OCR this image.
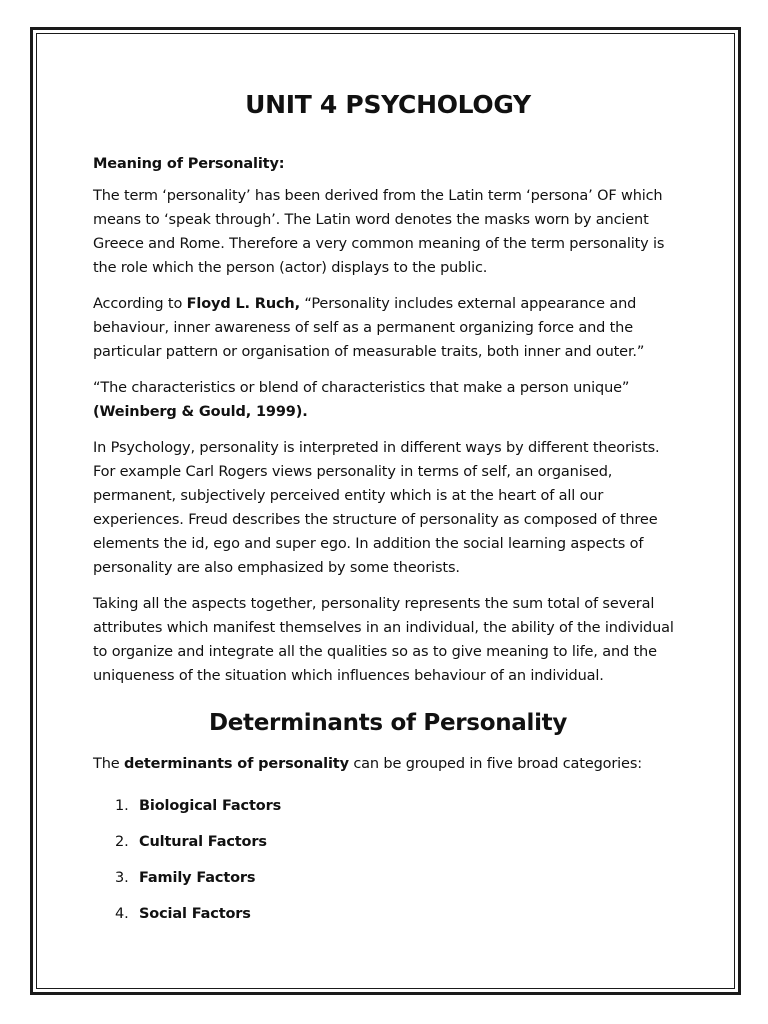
UNIT 4 PSYCHOLOGY

Meaning of Personality:

The term ‘personality’ has been derived from the Latin term ‘persona’ OF which means to ‘speak through’. The Latin word denotes the masks worn by ancient Greece and Rome. Therefore a very common meaning of the term personality is the role which the person (actor) displays to the public.

According to Floyd L. Ruch, “Personality includes external appearance and behaviour, inner awareness of self as a permanent organizing force and the particular pattern or organisation of measurable traits, both inner and outer.”

“The characteristics or blend of characteristics that make a person unique” (Weinberg & Gould, 1999).

In Psychology, personality is interpreted in different ways by different theorists. For example Carl Rogers views personality in terms of self, an organised, permanent, subjectively perceived entity which is at the heart of all our experiences. Freud describes the structure of personality as composed of three elements the id, ego and super ego. In addition the social learning aspects of personality are also emphasized by some theorists.

Taking all the aspects together, personality represents the sum total of several attributes which manifest themselves in an individual, the ability of the individual to organize and integrate all the qualities so as to give meaning to life, and the uniqueness of the situation which influences behaviour of an individual.

Determinants of Personality

The determinants of personality can be grouped in five broad categories:

1. Biological Factors
2. Cultural Factors
3. Family Factors
4. Social Factors
